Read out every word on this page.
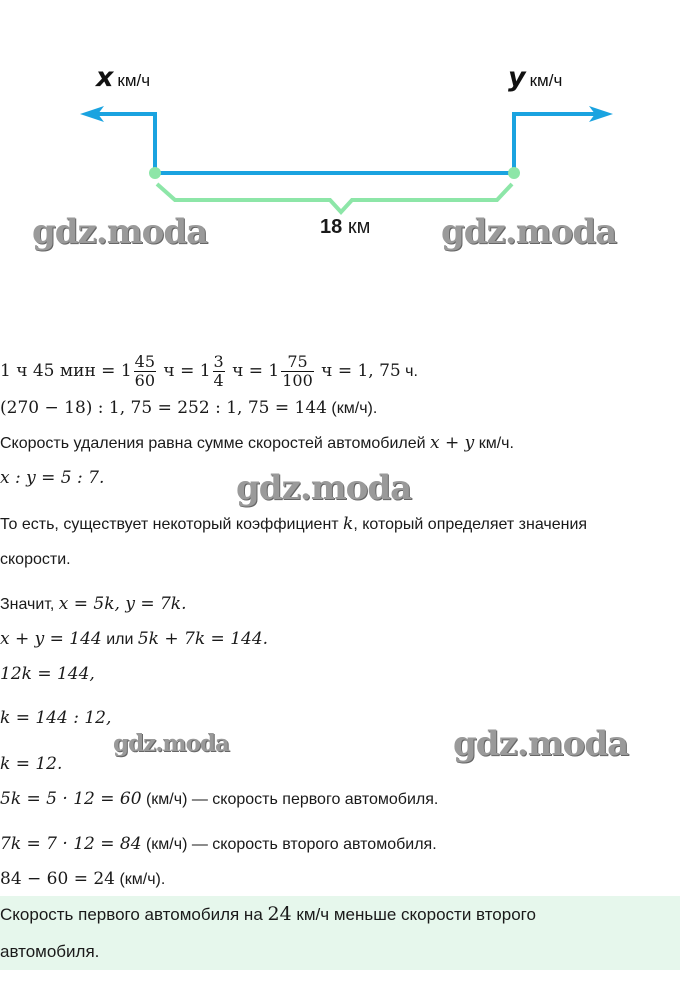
xкм/ч	yкм/ч
18 км
gdz.moda	gdz.moda
gdz.moda
gdz.moda	gdz.moda
1 ч 45 мин = $1 \frac{45}{60}$ $ч = 1 \frac{3}{4}$ $ч = 1 \frac{75}{100}$ ч = 1, 75 ч.
(270 − 18) : 1, 75 = 252 : 1, 75 = 144 (км/ч).
Скорость удаления равна сумме скоростей автомобилей x + y км/ч.
x : y = 5 : 7.
То есть, существует некоторый коэффициент k, который определяет значения
скорости.
Значит, x = 5k, y = 7k.
x + y = 144 или 5k + 7k = 144.
12k = 144,
k = 144 : 12,
k = 12.
5k = 5 · 12 = 60 (км/ч) — скорость первого автомобиля.
7k = 7 · 12 = 84 (км/ч) — скорость второго автомобиля.
84 − 60 = 24 (км/ч).
Скорость первого автомобиля на 24 км/ч меньше скорости второго
автомобиля.
